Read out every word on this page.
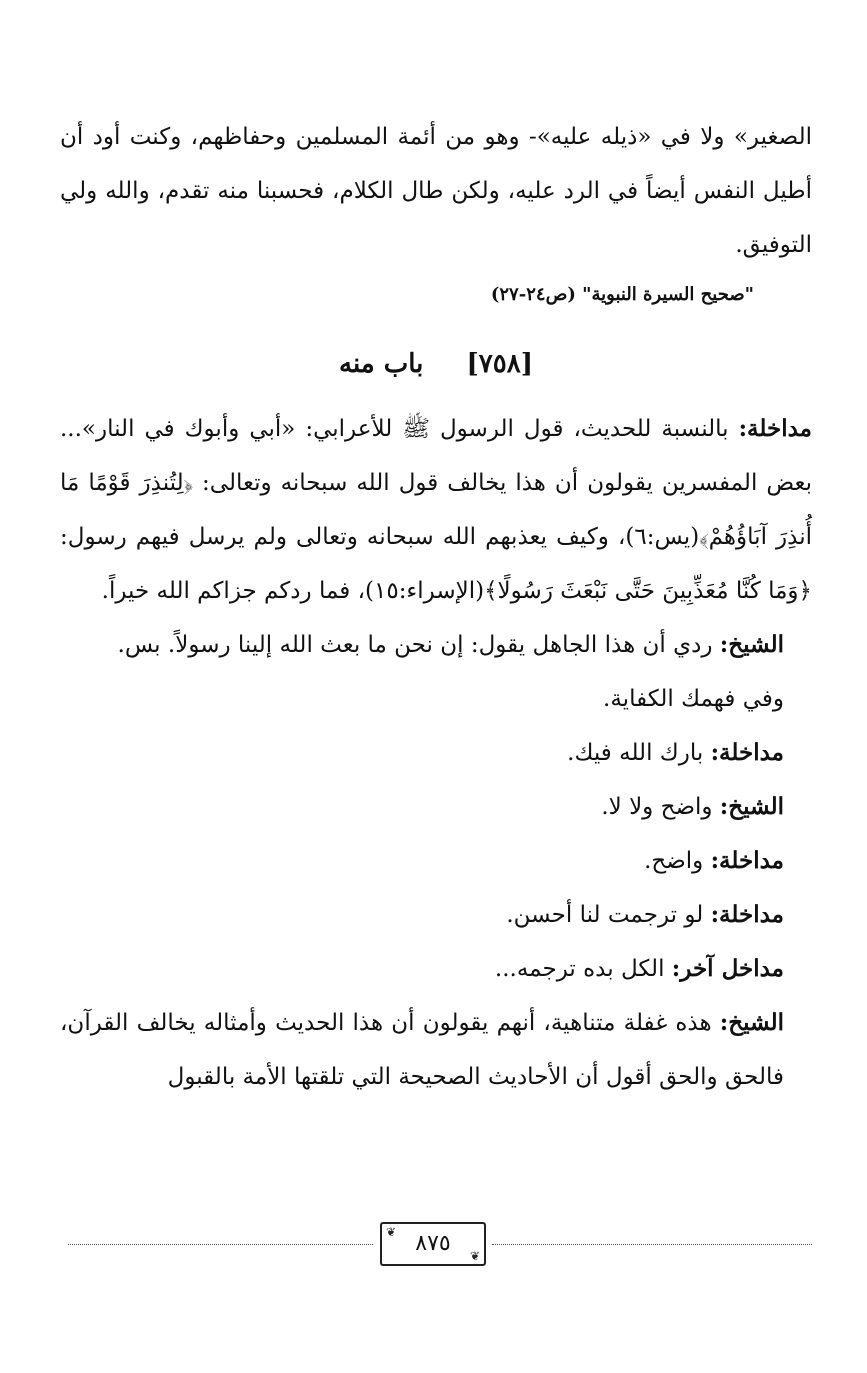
الصغير» ولا في «ذيله عليه»- وهو من أئمة المسلمين وحفاظهم، وكنت أود أن أطيل النفس أيضاً في الرد عليه، ولكن طال الكلام، فحسبنا منه تقدم، والله ولي التوفيق.

"صحيح السيرة النبوية" (ص٢٤-٢٧)

[٧٥٨] باب منه

مداخلة: بالنسبة للحديث، قول الرسول ﷺ للأعرابي: «أبي وأبوك في النار»... بعض المفسرين يقولون أن هذا يخالف قول الله سبحانه وتعالى: ﴿لِتُنذِرَ قَوْمًا مَا أُنذِرَ آبَاؤُهُمْ﴾(يس:٦)، وكيف يعذبهم الله سبحانه وتعالى ولم يرسل فيهم رسول: ﴿وَمَا كُنَّا مُعَذِّبِينَ حَتَّى نَبْعَثَ رَسُولًا﴾(الإسراء:١٥)، فما ردكم جزاكم الله خيراً.

الشيخ: ردي أن هذا الجاهل يقول: إن نحن ما بعث الله إلينا رسولاً. بس.

وفي فهمك الكفاية.

مداخلة: بارك الله فيك.

الشيخ: واضح ولا لا.

مداخلة: واضح.

مداخلة: لو ترجمت لنا أحسن.

مداخل آخر: الكل بده ترجمه...

الشيخ: هذه غفلة متناهية، أنهم يقولون أن هذا الحديث وأمثاله يخالف القرآن، فالحق والحق أقول أن الأحاديث الصحيحة التي تلقتها الأمة بالقبول

❦ ٨٧٥ ❦
